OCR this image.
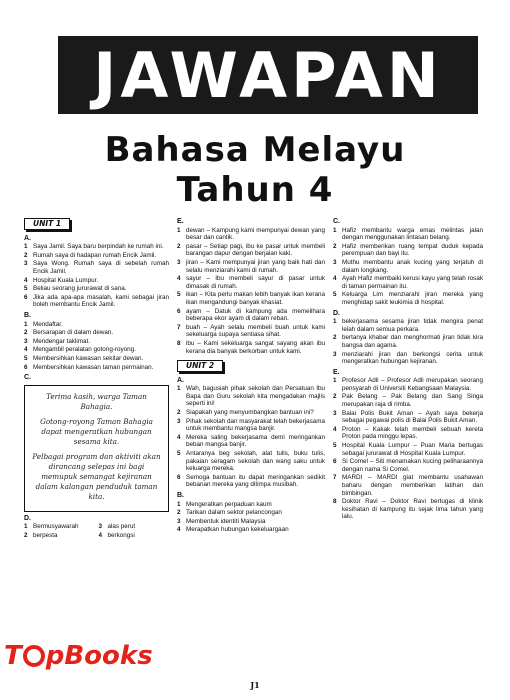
JAWAPAN
Bahasa Melayu
Tahun 4
UNIT 1
A.
1 Saya Jamil. Saya baru berpindah ke rumah ini.
2 Rumah saya di hadapan rumah Encik Jamil.
3 Saya Wong. Rumah saya di sebelah rumah Encik Jamil.
4 Hospital Kuala Lumpur.
5 Beliau seorang jururawat di sana.
6 Jika ada apa-apa masalah, kami sebagai jiran boleh membantu Encik Jamil.
B.
1 Mendaftar.
2 Bersarapan di dalam dewan.
3 Mendengar taklimat.
4 Mengambil peralatan gotong-royong.
5 Membersihkan kawasan sekitar dewan.
6 Membersihkan kawasan taman permainan.
C.

Terima kasih, warga Taman Bahagia.

Gotong-royong Taman Bahagia dapat mengeratkan hubungan sesama kita.

Pelbagai program dan aktiviti akan dirancang selepas ini bagi memupuk semangat kejiranan dalam kalangan penduduk taman kita.

D.
1 Bermusyawarah	3 alas perut
2 berpesta	4 berkongsi
E.
1 dewan – Kampung kami mempunyai dewan yang besar dan cantik.
2 pasar – Setiap pagi, ibu ke pasar untuk membeli barangan dapur dengan berjalan kaki.
3 jiran – Kami mempunyai jiran yang baik hati dan selalu menziarahi kami di rumah.
4 sayur – Ibu membeli sayur di pasar untuk dimasak di rumah.
5 ikan – Kita perlu makan lebih banyak ikan kerana ikan mengandungi banyak khasiat.
6 ayam – Datuk di kampung ada memelihara beberapa ekor ayam di dalam reban.
7 buah – Ayah selalu membeli buah untuk kami sekeluarga supaya sentiasa sihat.
8 ibu – Kami sekeluarga sangat sayang akan ibu kerana dia banyak berkorban untuk kami.
UNIT 2
A.
1 Wah, bagusiah pihak sekolah dan Persatuan Ibu Bapa dan Guru sekolah kita mengadakan majlis seperti ini!
2 Siapakah yang menyumbangkan bantuan ini?
3 Pihak sekolah dan masyarakat telah bekerjasama untuk membantu mangsa banjir.
4 Mereka saling bekerjasama demi meringankan beban mangsa banjir.
5 Antaranya beg sekolah, alat tulis, buku tulis, pakaian seragam sekolah dan wang saku untuk keluarga mereka.
6 Semoga bantuan itu dapat meringankan sedikit bebanan mereka yang ditimpa musibah.
B.
1 Mengeratkan perpaduan kaum
2 Tarikan dalam sektor pelancongan
3 Membentuk identiti Malaysia
4 Merapatkan hubungan kekeluargaan
C.
1 Hafiz membantu warga emas melintas jalan dengan menggunakan lintasan belang.
2 Hafiz memberikan ruang tempat duduk kepada perempuan dan bayi itu.
3 Muthu membantu anak kucing yang terjatuh di dalam longkang.
4 Ayah Hafiz membaiki kerusi kayu yang telah rosak di taman permainan itu.
5 Keluarga Lim menziarahi jiran mereka yang menghidap sakit leukimia di hospital.
D.
1 bekerjasama sesama jiran tidak mengira penat lelah dalam semua perkara.
2 bertanya khabar dan menghormati jiran tidak kira bangsa dan agama.
3 menziarahi jiran dan berkongsi cerita untuk mengeratkan hubungan kejiranan.
E.
1 Profesor Adli – Profesor Adli merupakan seorang pensyarah di Universiti Kebangsaan Malaysia.
2 Pak Belang – Pak Belang dan Sang Singa merupakan raja di rimba.
3 Balai Polis Bukit Aman – Ayah saya bekerja sebagai pegawai polis di Balai Polis Bukit Aman.
4 Proton – Kakak telah membeli sebuah kereta Proton pada minggu lepas.
5 Hospital Kuala Lumpur – Puan Maria bertugas sebagai jururawat di Hospital Kuala Lumpur.
6 Si Comel – Siti menamakan kucing peliharaannya dengan nama Si Comel.
7 MARDI – MARDI giat membantu usahawan baharu dengan memberikan latihan dan bimbingan.
8 Doktor Ravi – Doktor Ravi bertugas di klinik kesihatan di kampung itu sejak lima tahun yang lalu.
T pBooks
J1
